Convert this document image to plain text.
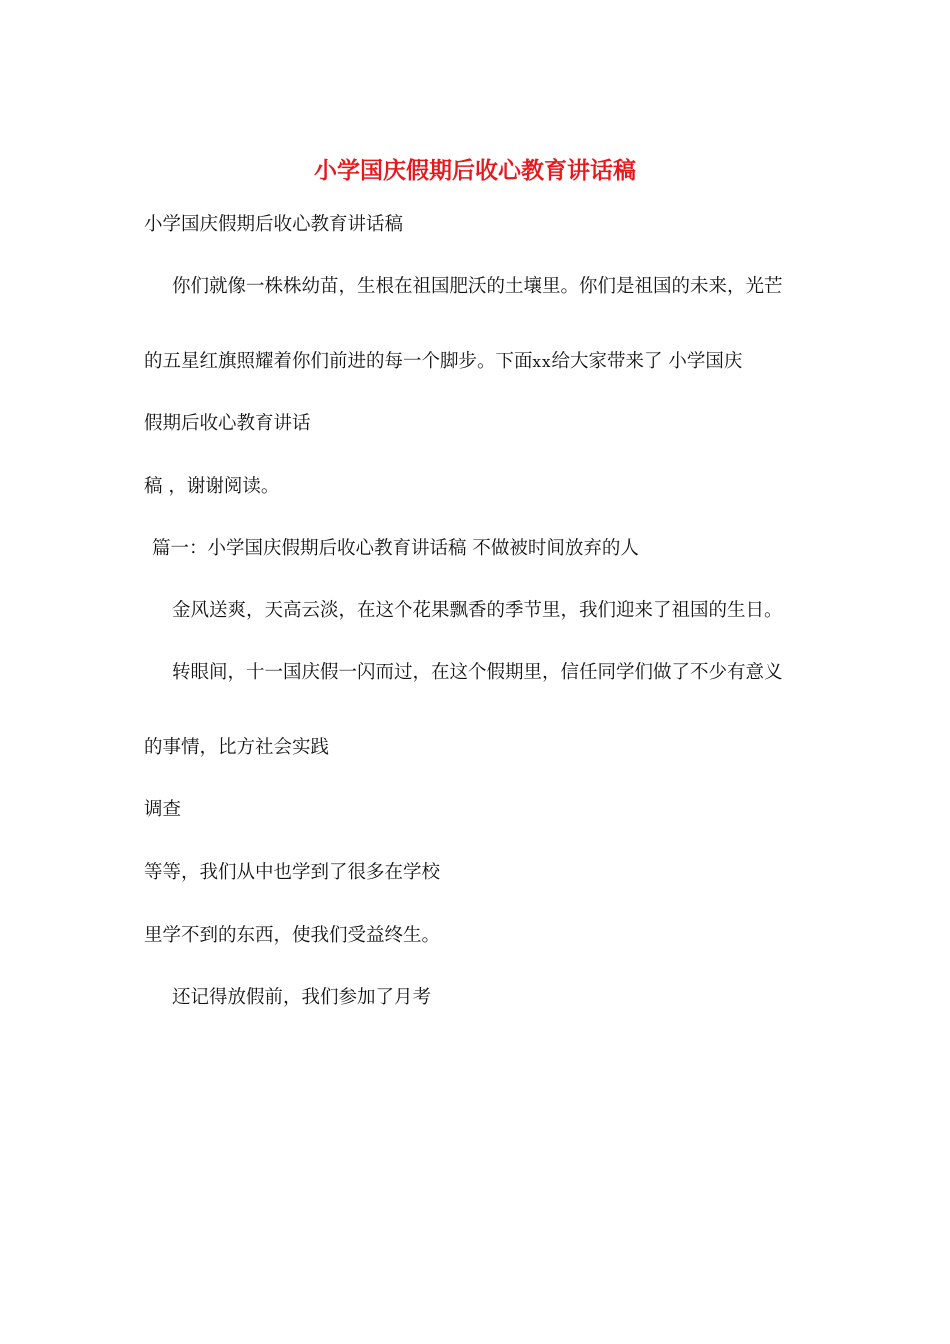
小学国庆假期后收心教育讲话稿
小学国庆假期后收心教育讲话稿
你们就像一株株幼苗，生根在祖国肥沃的土壤里。你们是祖国的未来，光芒
的五星红旗照耀着你们前进的每一个脚步。下面xx给大家带来了 小学国庆
假期后收心教育讲话
稿 ，谢谢阅读。
篇一：小学国庆假期后收心教育讲话稿 不做被时间放弃的人
金风送爽，天高云淡，在这个花果飘香的季节里，我们迎来了祖国的生日。
转眼间，十一国庆假一闪而过，在这个假期里，信任同学们做了不少有意义
的事情，比方社会实践
调查
等等，我们从中也学到了很多在学校
里学不到的东西，使我们受益终生。
还记得放假前，我们参加了月考
